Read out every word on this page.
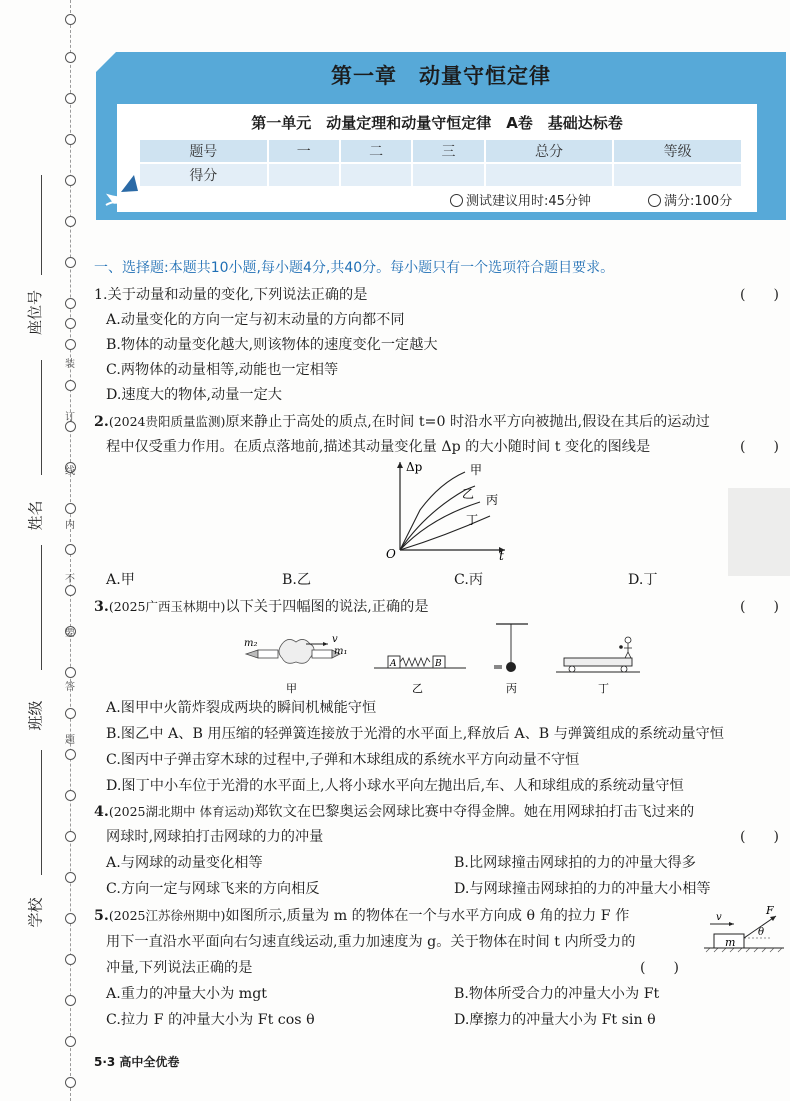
装
订
线
内
不
要
答
题
座位号
姓名
班级
学校
第一章　动量守恒定律
第一单元　动量定理和动量守恒定律　A卷　基础达标卷
题号	一	二	三	总分	等级
得分					
测试建议用时:45分钟	满分:100分
一、选择题:本题共10小题,每小题4分,共40分。每小题只有一个选项符合题目要求。
1.关于动量和动量的变化,下列说法正确的是	(　　)
A.动量变化的方向一定与初末动量的方向都不同
B.物体的动量变化越大,则该物体的速度变化一定越大
C.两物体的动量相等,动能也一定相等
D.速度大的物体,动量一定大
2.(2024贵阳质量监测)原来静止于高处的质点,在时间 t=0 时沿水平方向被抛出,假设在其后的运动过
程中仅受重力作用。在质点落地前,描述其动量变化量 Δp 的大小随时间 t 变化的图线是	(　　)
Δp
t
O
甲
乙 丙
丁
A.甲	B.乙	C.丙	D.丁
3.(2025广西玉林期中)以下关于四幅图的说法,正确的是	(　　)
m₂	v
m₁
甲
A	B
乙	丙	丁
A.图甲中火箭炸裂成两块的瞬间机械能守恒
B.图乙中 A、B 用压缩的轻弹簧连接放于光滑的水平面上,释放后 A、B 与弹簧组成的系统动量守恒
C.图丙中子弹击穿木球的过程中,子弹和木球组成的系统水平方向动量不守恒
D.图丁中小车位于光滑的水平面上,人将小球水平向左抛出后,车、人和球组成的系统动量守恒
4.(2025湖北期中 体育运动)郑钦文在巴黎奥运会网球比赛中夺得金牌。她在用网球拍打击飞过来的
网球时,网球拍打击网球的力的冲量	(　　)
A.与网球的动量变化相等	B.比网球撞击网球拍的力的冲量大得多
C.方向一定与网球飞来的方向相反	D.与网球撞击网球拍的力的冲量大小相等
5.(2025江苏徐州期中)如图所示,质量为 m 的物体在一个与水平方向成 θ 角的拉力 F 作
用下一直沿水平面向右匀速直线运动,重力加速度为 g。关于物体在时间 t 内所受力的
冲量,下列说法正确的是	(　　)
v
F
θ
m
A.重力的冲量大小为 mgt	B.物体所受合力的冲量大小为 Ft
C.拉力 F 的冲量大小为 Ft cos θ	D.摩擦力的冲量大小为 Ft sin θ
5·3 高中全优卷
